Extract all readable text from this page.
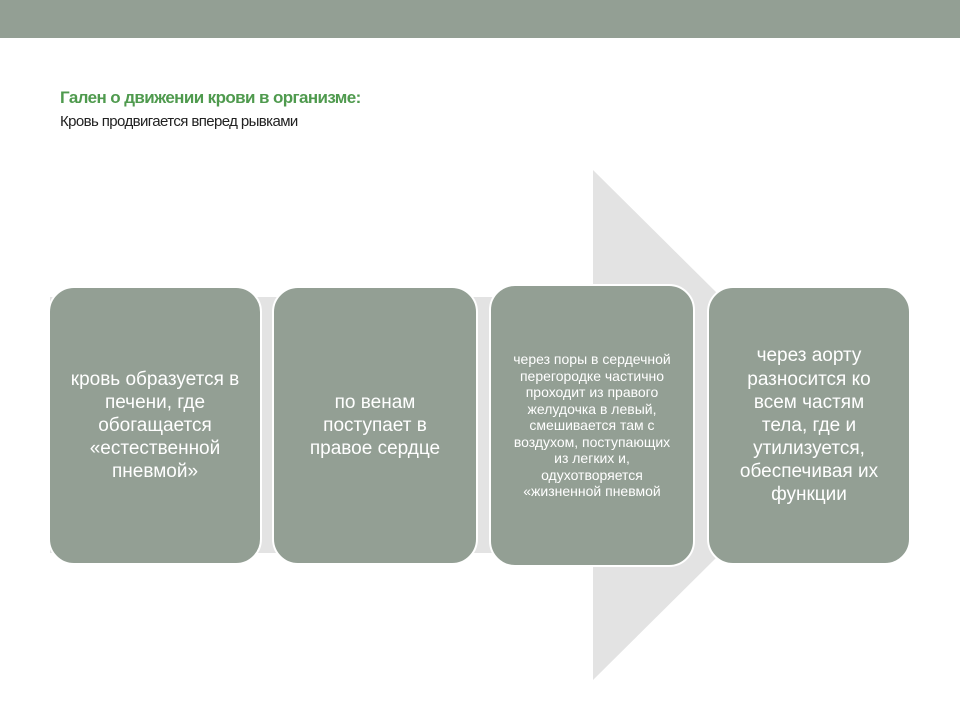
Гален о движении крови в организме:

Кровь продвигается вперед рывками

кровь образуется в печени, где обогащается «естественной пневмой»
по венам поступает в правое сердце
через поры в сердечной перегородке частично проходит из правого желудочка в левый, смешивается там с воздухом, поступающих из легких и, одухотворяется «жизненной пневмой
через аорту разносится ко всем частям тела, где и утилизуется, обеспечивая их функции
